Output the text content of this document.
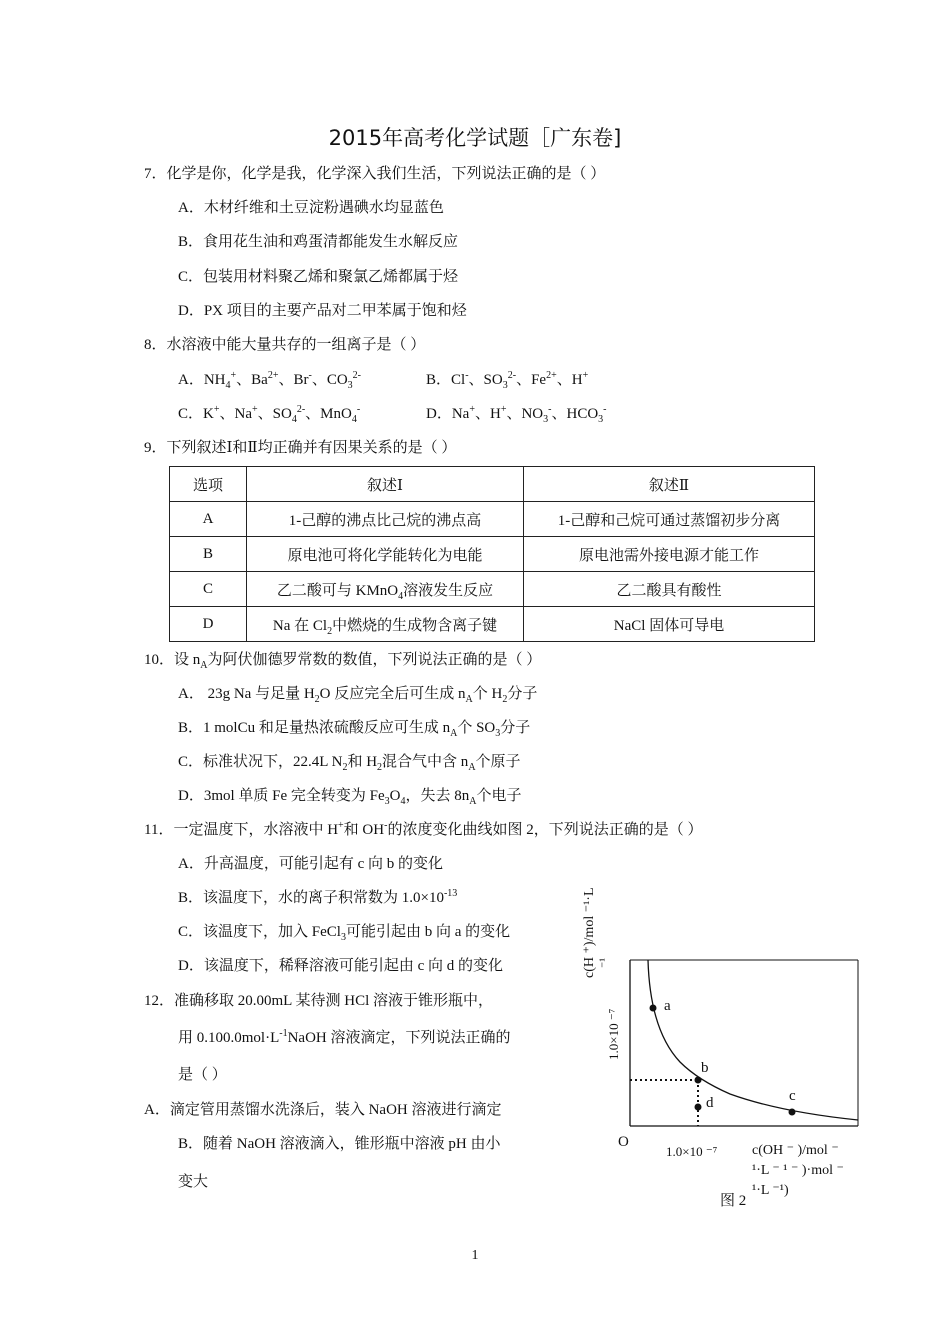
2015年高考化学试题［广东卷]
7．化学是你，化学是我，化学深入我们生活，下列说法正确的是（ ）
A．木材纤维和土豆淀粉遇碘水均显蓝色
B．食用花生油和鸡蛋清都能发生水解反应
C．包装用材料聚乙烯和聚氯乙烯都属于烃
D．PX 项目的主要产品对二甲苯属于饱和烃
8．水溶液中能大量共存的一组离子是（ ）
A．$NH_4^+$、$Ba^{2+}$、Br-、$CO_3^{2-}$	B．Cl-、$SO_3^{2-}$、$Fe^{2+}$、H+
C．K+、Na+、$SO_4^{2-}$、MnO$_4$-	D．Na+、H+、$NO_3^-$、$HCO_3^-$
9．下列叙述Ⅰ和Ⅱ均正确并有因果关系的是（ ）
选项	叙述Ⅰ	叙述Ⅱ
A	1-己醇的沸点比己烷的沸点高	1-己醇和己烷可通过蒸馏初步分离
B	原电池可将化学能转化为电能	原电池需外接电源才能工作
C	乙二酸可与 KMnO$_4$溶液发生反应	乙二酸具有酸性
D	Na 在 $Cl_2$中燃烧的生成物含离子键	NaCl 固体可导电
10．设 $n_A$为阿伏伽德罗常数的数值，下列说法正确的是（ ）
A． 23g Na 与足量 $H_2O$ 反应完全后可生成 $n_A$个 $H_2$分子
B．1 molCu 和足量热浓硫酸反应可生成 $n_A$个 $SO_3$分子
C．标准状况下，22.4L $N_2$和 $H_2$混合气中含 $n_A$个原子
D．3mol 单质 Fe 完全转变为 $Fe_3O_4$，失去 $8n_A$个电子
11．一定温度下，水溶液中 H+和 OH-的浓度变化曲线如图 2，下列说法正确的是（ ）
A．升高温度，可能引起有 c 向 b 的变化
B．该温度下，水的离子积常数为 $1.0\times 10^{-13}$
C．该温度下，加入 FeCl$_3$可能引起由 b 向 a 的变化
D．该温度下，稀释溶液可能引起由 c 向 d 的变化
12．准确移取 20.00mL 某待测 HCl 溶液于锥形瓶中，
用 $0.100.0mol\cdot L^{-1}NaOH$ 溶液滴定，下列说法正确的
是（ ）
A．滴定管用蒸馏水洗涤后，装入 NaOH 溶液进行滴定
B．随着 NaOH 溶液滴入，锥形瓶中溶液 pH 由小
变大
c(H ⁺)/mol ⁻¹·L ⁻¹
1.0×10 ⁻⁷
a
b
c
d
O
1.0×10 ⁻⁷ c(OH ⁻ )/mol ⁻
¹·L ⁻ ¹ ⁻ )·mol ⁻
¹·L ⁻¹)
图 2
1
